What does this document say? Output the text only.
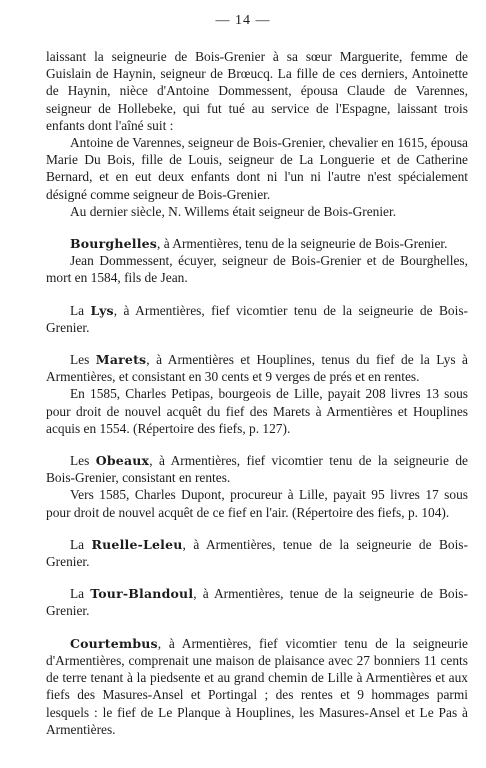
— 14 —

laissant la seigneurie de Bois-Grenier à sa sœur Marguerite, femme de Guislain de Haynin, seigneur de Brœucq. La fille de ces derniers, Antoinette de Haynin, nièce d'Antoine Dommessent, épousa Claude de Varennes, seigneur de Hollebeke, qui fut tué au service de l'Espagne, laissant trois enfants dont l'aîné suit :

Antoine de Varennes, seigneur de Bois-Grenier, chevalier en 1615, épousa Marie Du Bois, fille de Louis, seigneur de La Longuerie et de Catherine Bernard, et en eut deux enfants dont ni l'un ni l'autre n'est spécialement désigné comme seigneur de Bois-Grenier.

Au dernier siècle, N. Willems était seigneur de Bois-Grenier.

Bourghelles, à Armentières, tenu de la seigneurie de Bois-Grenier.

Jean Dommessent, écuyer, seigneur de Bois-Grenier et de Bourghelles, mort en 1584, fils de Jean.

La Lys, à Armentières, fief vicomtier tenu de la seigneurie de Bois-Grenier.

Les Marets, à Armentières et Houplines, tenus du fief de la Lys à Armentières, et consistant en 30 cents et 9 verges de prés et en rentes.

En 1585, Charles Petipas, bourgeois de Lille, payait 208 livres 13 sous pour droit de nouvel acquêt du fief des Marets à Armentières et Houplines acquis en 1554. (Répertoire des fiefs, p. 127).

Les Obeaux, à Armentières, fief vicomtier tenu de la seigneurie de Bois-Grenier, consistant en rentes.

Vers 1585, Charles Dupont, procureur à Lille, payait 95 livres 17 sous pour droit de nouvel acquêt de ce fief en l'air. (Répertoire des fiefs, p. 104).

La Ruelle-Leleu, à Armentières, tenue de la seigneurie de Bois-Grenier.

La Tour-Blandoul, à Armentières, tenue de la seigneurie de Bois-Grenier.

Courtembus, à Armentières, fief vicomtier tenu de la seigneurie d'Armentières, comprenait une maison de plaisance avec 27 bonniers 11 cents de terre tenant à la piedsente et au grand chemin de Lille à Armentières et aux fiefs des Masures-Ansel et Portingal ; des rentes et 9 hommages parmi lesquels : le fief de Le Planque à Houplines, les Masures-Ansel et Le Pas à Armentières.
